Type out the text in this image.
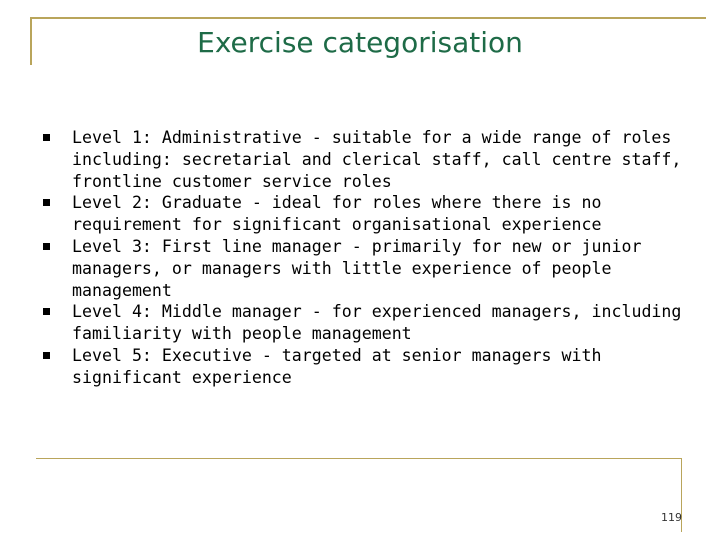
Exercise categorisation
Level 1: Administrative - suitable for a wide range of roles
including: secretarial and clerical staff, call centre staff,
frontline customer service roles
Level 2: Graduate - ideal for roles where there is no
requirement for significant organisational experience
Level 3: First line manager - primarily for new or junior
managers, or managers with little experience of people
management
Level 4: Middle manager - for experienced managers, including
familiarity with people management
Level 5: Executive - targeted at senior managers with
significant experience
119
